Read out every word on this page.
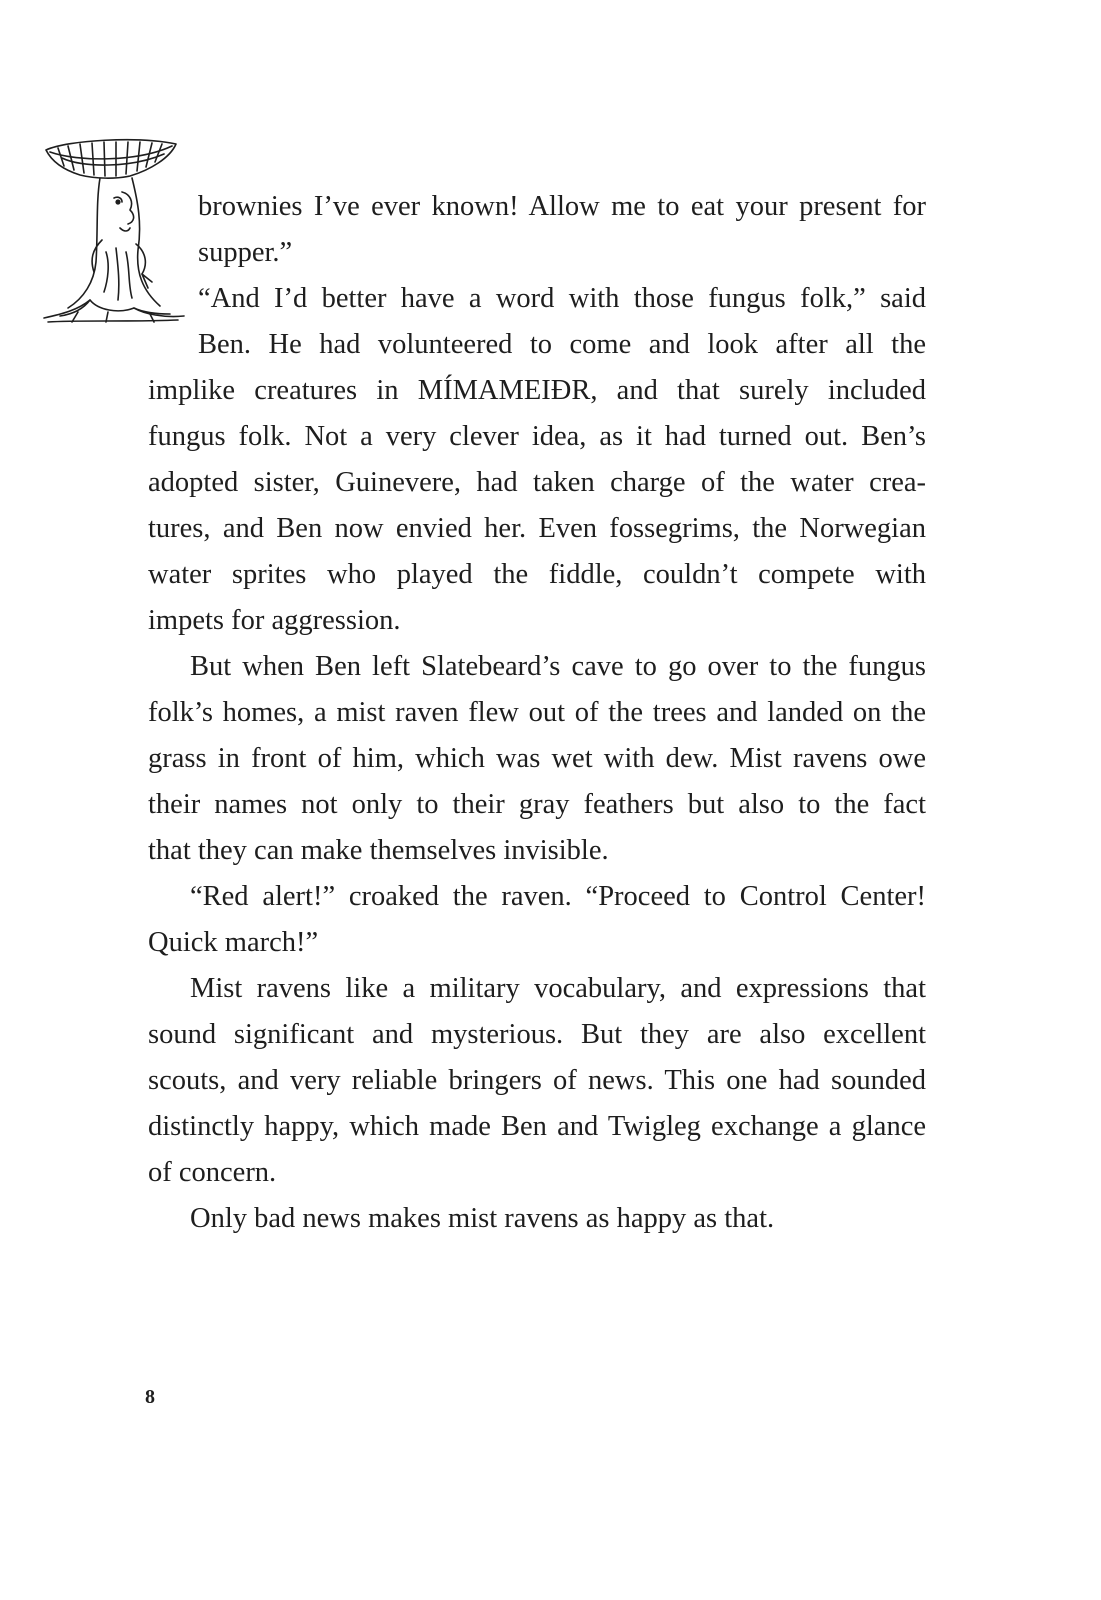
brownies I’ve ever known! Allow me to eat your present for
supper.”
“And I’d better have a word with those fungus folk,” said
Ben. He had volunteered to come and look after all the
implike creatures in MÍMAMEIÐR, and that surely included
fungus folk. Not a very clever idea, as it had turned out. Ben’s
adopted sister, Guinevere, had taken charge of the water crea-
tures, and Ben now envied her. Even fossegrims, the Norwegian
water sprites who played the fiddle, couldn’t compete with
impets for aggression.
But when Ben left Slatebeard’s cave to go over to the fungus
folk’s homes, a mist raven flew out of the trees and landed on the
grass in front of him, which was wet with dew. Mist ravens owe
their names not only to their gray feathers but also to the fact
that they can make themselves invisible.
“Red alert!” croaked the raven. “Proceed to Control Center!
Quick march!”
Mist ravens like a military vocabulary, and expressions that
sound significant and mysterious. But they are also excellent
scouts, and very reliable bringers of news. This one had sounded
distinctly happy, which made Ben and Twigleg exchange a glance
of concern.
Only bad news makes mist ravens as happy as that.
8
